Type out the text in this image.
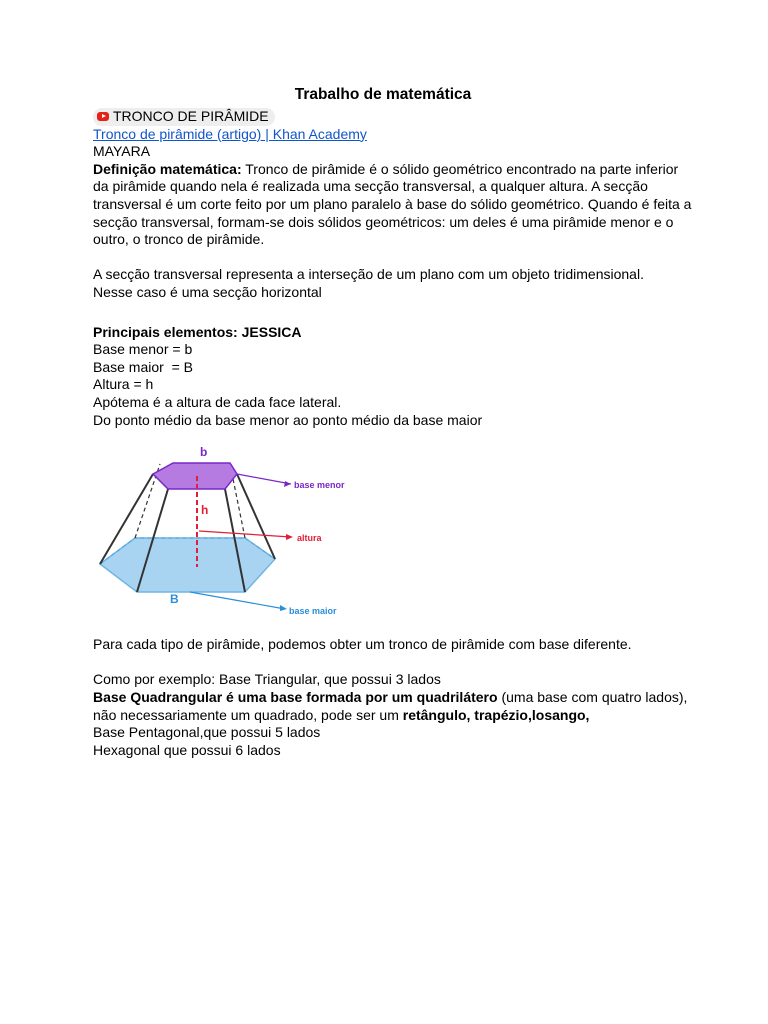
Trabalho de matemática
TRONCO DE PIRÂMIDE
Tronco de pirâmide (artigo) | Khan Academy
MAYARA

Definição matemática: Tronco de pirâmide é o sólido geométrico encontrado na parte inferior da pirâmide quando nela é realizada uma secção transversal, a qualquer altura. A secção transversal é um corte feito por um plano paralelo à base do sólido geométrico. Quando é feita a secção transversal, formam-se dois sólidos geométricos: um deles é uma pirâmide menor e o outro, o tronco de pirâmide.

A secção transversal representa a interseção de um plano com um objeto tridimensional.
Nesse caso é uma secção horizontal
Principais elementos: JESSICA
Base menor = b
Base maior  = B
Altura = h
Apótema é a altura de cada face lateral.
Do ponto médio da base menor ao ponto médio da base maior
b
h
B
base menor
altura
base maior
Para cada tipo de pirâmide, podemos obter um tronco de pirâmide com base diferente.
Como por exemplo: Base Triangular, que possui 3 lados

Base Quadrangular é uma base formada por um quadrilátero (uma base com quatro lados),  não necessariamente um quadrado, pode ser um retângulo, trapézio,losango,

Base Pentagonal,que possui 5 lados
Hexagonal que possui 6 lados
